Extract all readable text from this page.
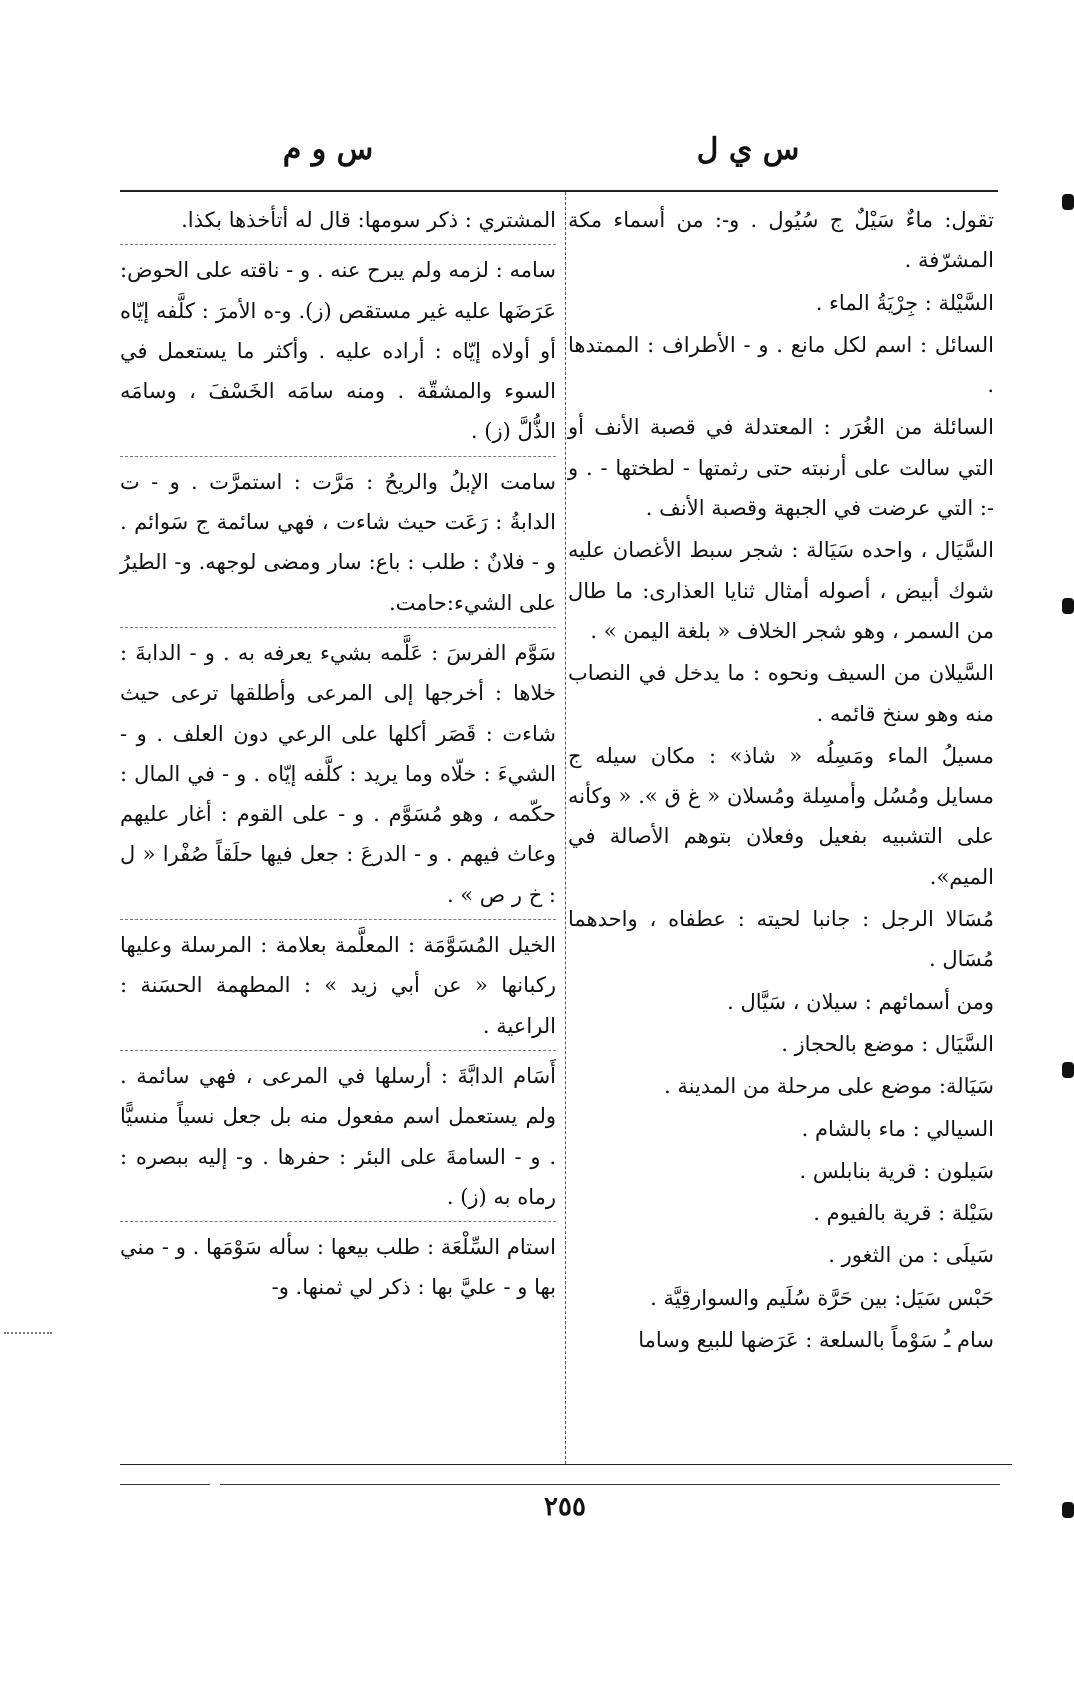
س ي ل
س و م
تقول: ماءٌ سَيْلٌ ج سُيُول . و-: من أسماء مكة المشرّفة .
السَّيْلة : جِرْيَةُ الماء .
السائل : اسم لكل مانع . و - الأطراف : الممتدها .
السائلة من الغُرَر : المعتدلة في قصبة الأنف أو التي سالت على أرنبته حتى رثمتها - لطختها - . و -: التي عرضت في الجبهة وقصبة الأنف .
السَّيَال ، واحده سَيَالة : شجر سبط الأغصان عليه شوك أبيض ، أصوله أمثال ثنايا العذارى: ما طال من السمر ، وهو شجر الخلاف « بلغة اليمن » .
السَّيلان من السيف ونحوه : ما يدخل في النصاب منه وهو سنخ قائمه .
مسيلُ الماء ومَسِلُه « شاذ» : مكان سيله ج مسايل ومُسُل وأمسِلة ومُسلان « غ ق ». « وكأنه على التشبيه بفعيل وفعلان بتوهم الأصالة في الميم».
مُسَالا الرجل : جانبا لحيته : عطفاه ، واحدهما مُسَال .
ومن أسمائهم : سيلان ، سَيَّال .
السَّيَال : موضع بالحجاز .
سَيَالة: موضع على مرحلة من المدينة .
السيالي : ماء بالشام .
سَيلون : قرية بنابلس .
سَيْلة : قرية بالفيوم .
سَيلَى : من الثغور .
حَبْس سَيَل: بين حَرَّة سُلَيم والسوارقِيَّة .
سام ـُ سَوْماً بالسلعة : عَرَضها للبيع وساما
المشتري : ذكر سومها: قال له أتأخذها بكذا.
سامه : لزمه ولم يبرح عنه . و - ناقته على الحوض: عَرَضَها عليه غير مستقص (ز). و-ه الأمرَ : كلَّفه إيّاه أو أولاه إيّاه : أراده عليه . وأكثر ما يستعمل في السوء والمشقّة . ومنه سامَه الخَسْفَ ، وسامَه الذُّلَّ (ز) .
سامت الإبلُ والريحُ : مَرَّت : استمرَّت . و - ت الدابةُ : رَعَت حيث شاءت ، فهي سائمة ج سَوائم . و - فلانٌ : طلب : باع: سار ومضى لوجهه. و- الطيرُ على الشيء:حامت.
سَوَّم الفرسَ : عَلَّمه بشيء يعرفه به . و - الدابةَ : خلاها : أخرجها إلى المرعى وأطلقها ترعى حيث شاءت : قَصَر أكلها على الرعي دون العلف . و - الشيءَ : خلّاه وما يريد : كلَّفه إيّاه . و - في المال : حكّمه ، وهو مُسَوَّم . و - على القوم : أغار عليهم وعاث فيهم . و - الدرعَ : جعل فيها حلَقاً صُفْرا « ل : خ ر ص » .
الخيل المُسَوَّمَة : المعلَّمة بعلامة : المرسلة وعليها ركبانها « عن أبي زيد » : المطهمة الحسَنة : الراعية .
أَسَام الدابَّةَ : أرسلها في المرعى ، فهي سائمة . ولم يستعمل اسم مفعول منه بل جعل نسياً منسيًّا . و - السامةَ على البئر : حفرها . و- إليه ببصره : رماه به (ز) .
استام السِّلْعَة : طلب بيعها : سأله سَوْمَها . و - مني بها و - عليَّ بها : ذكر لي ثمنها. و-
٢٥٥
